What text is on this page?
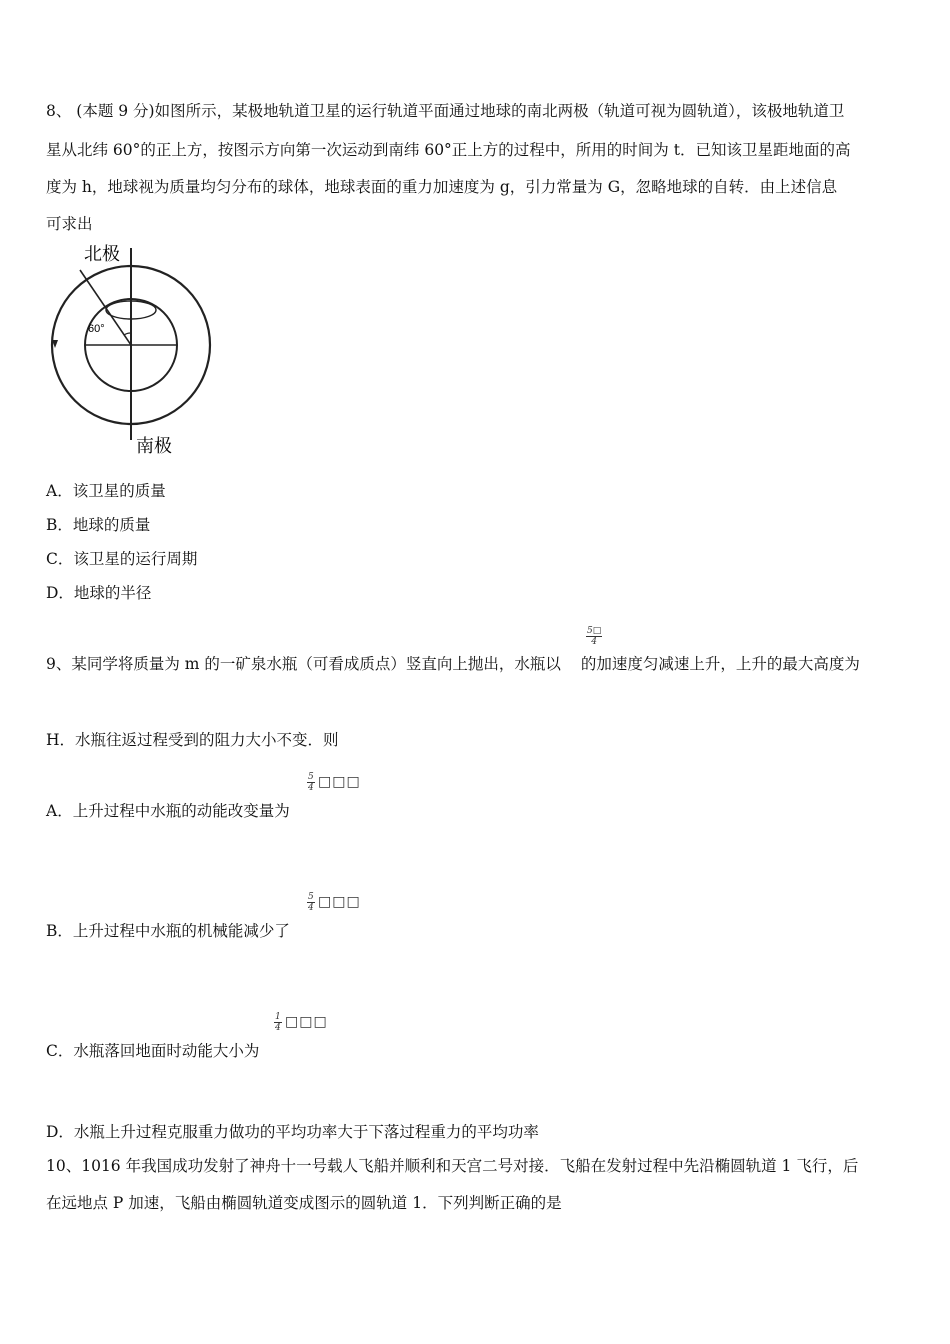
8、 (本题 9 分)如图所示，某极地轨道卫星的运行轨道平面通过地球的南北两极（轨道可视为圆轨道），该极地轨道卫
星从北纬 60°的正上方，按图示方向第一次运动到南纬 60°正上方的过程中，所用的时间为 t．已知该卫星距地面的高
度为 h，地球视为质量均匀分布的球体，地球表面的重力加速度为 g，引力常量为 G，忽略地球的自转．由上述信息
可求出
60°
北极
南极
A．该卫星的质量
B．地球的质量
C．该卫星的运行周期
D．地球的半径
9、某同学将质量为 m 的一矿泉水瓶（可看成质点）竖直向上抛出，水瓶以 的加速度匀减速上升，上升的最大高度为
$\frac{5□}{4}$
H．水瓶往返过程受到的阻力大小不变．则
$\frac{5}{4}$ □□□
A．上升过程中水瓶的动能改变量为
$\frac{5}{4}$ □□□
B．上升过程中水瓶的机械能减少了
$\frac{1}{4}$ □□□
C．水瓶落回地面时动能大小为
D．水瓶上升过程克服重力做功的平均功率大于下落过程重力的平均功率
10、1016 年我国成功发射了神舟十一号载人飞船并顺利和天宫二号对接．飞船在发射过程中先沿椭圆轨道 1 飞行，后
在远地点 P 加速，飞船由椭圆轨道变成图示的圆轨道 1．下列判断正确的是
